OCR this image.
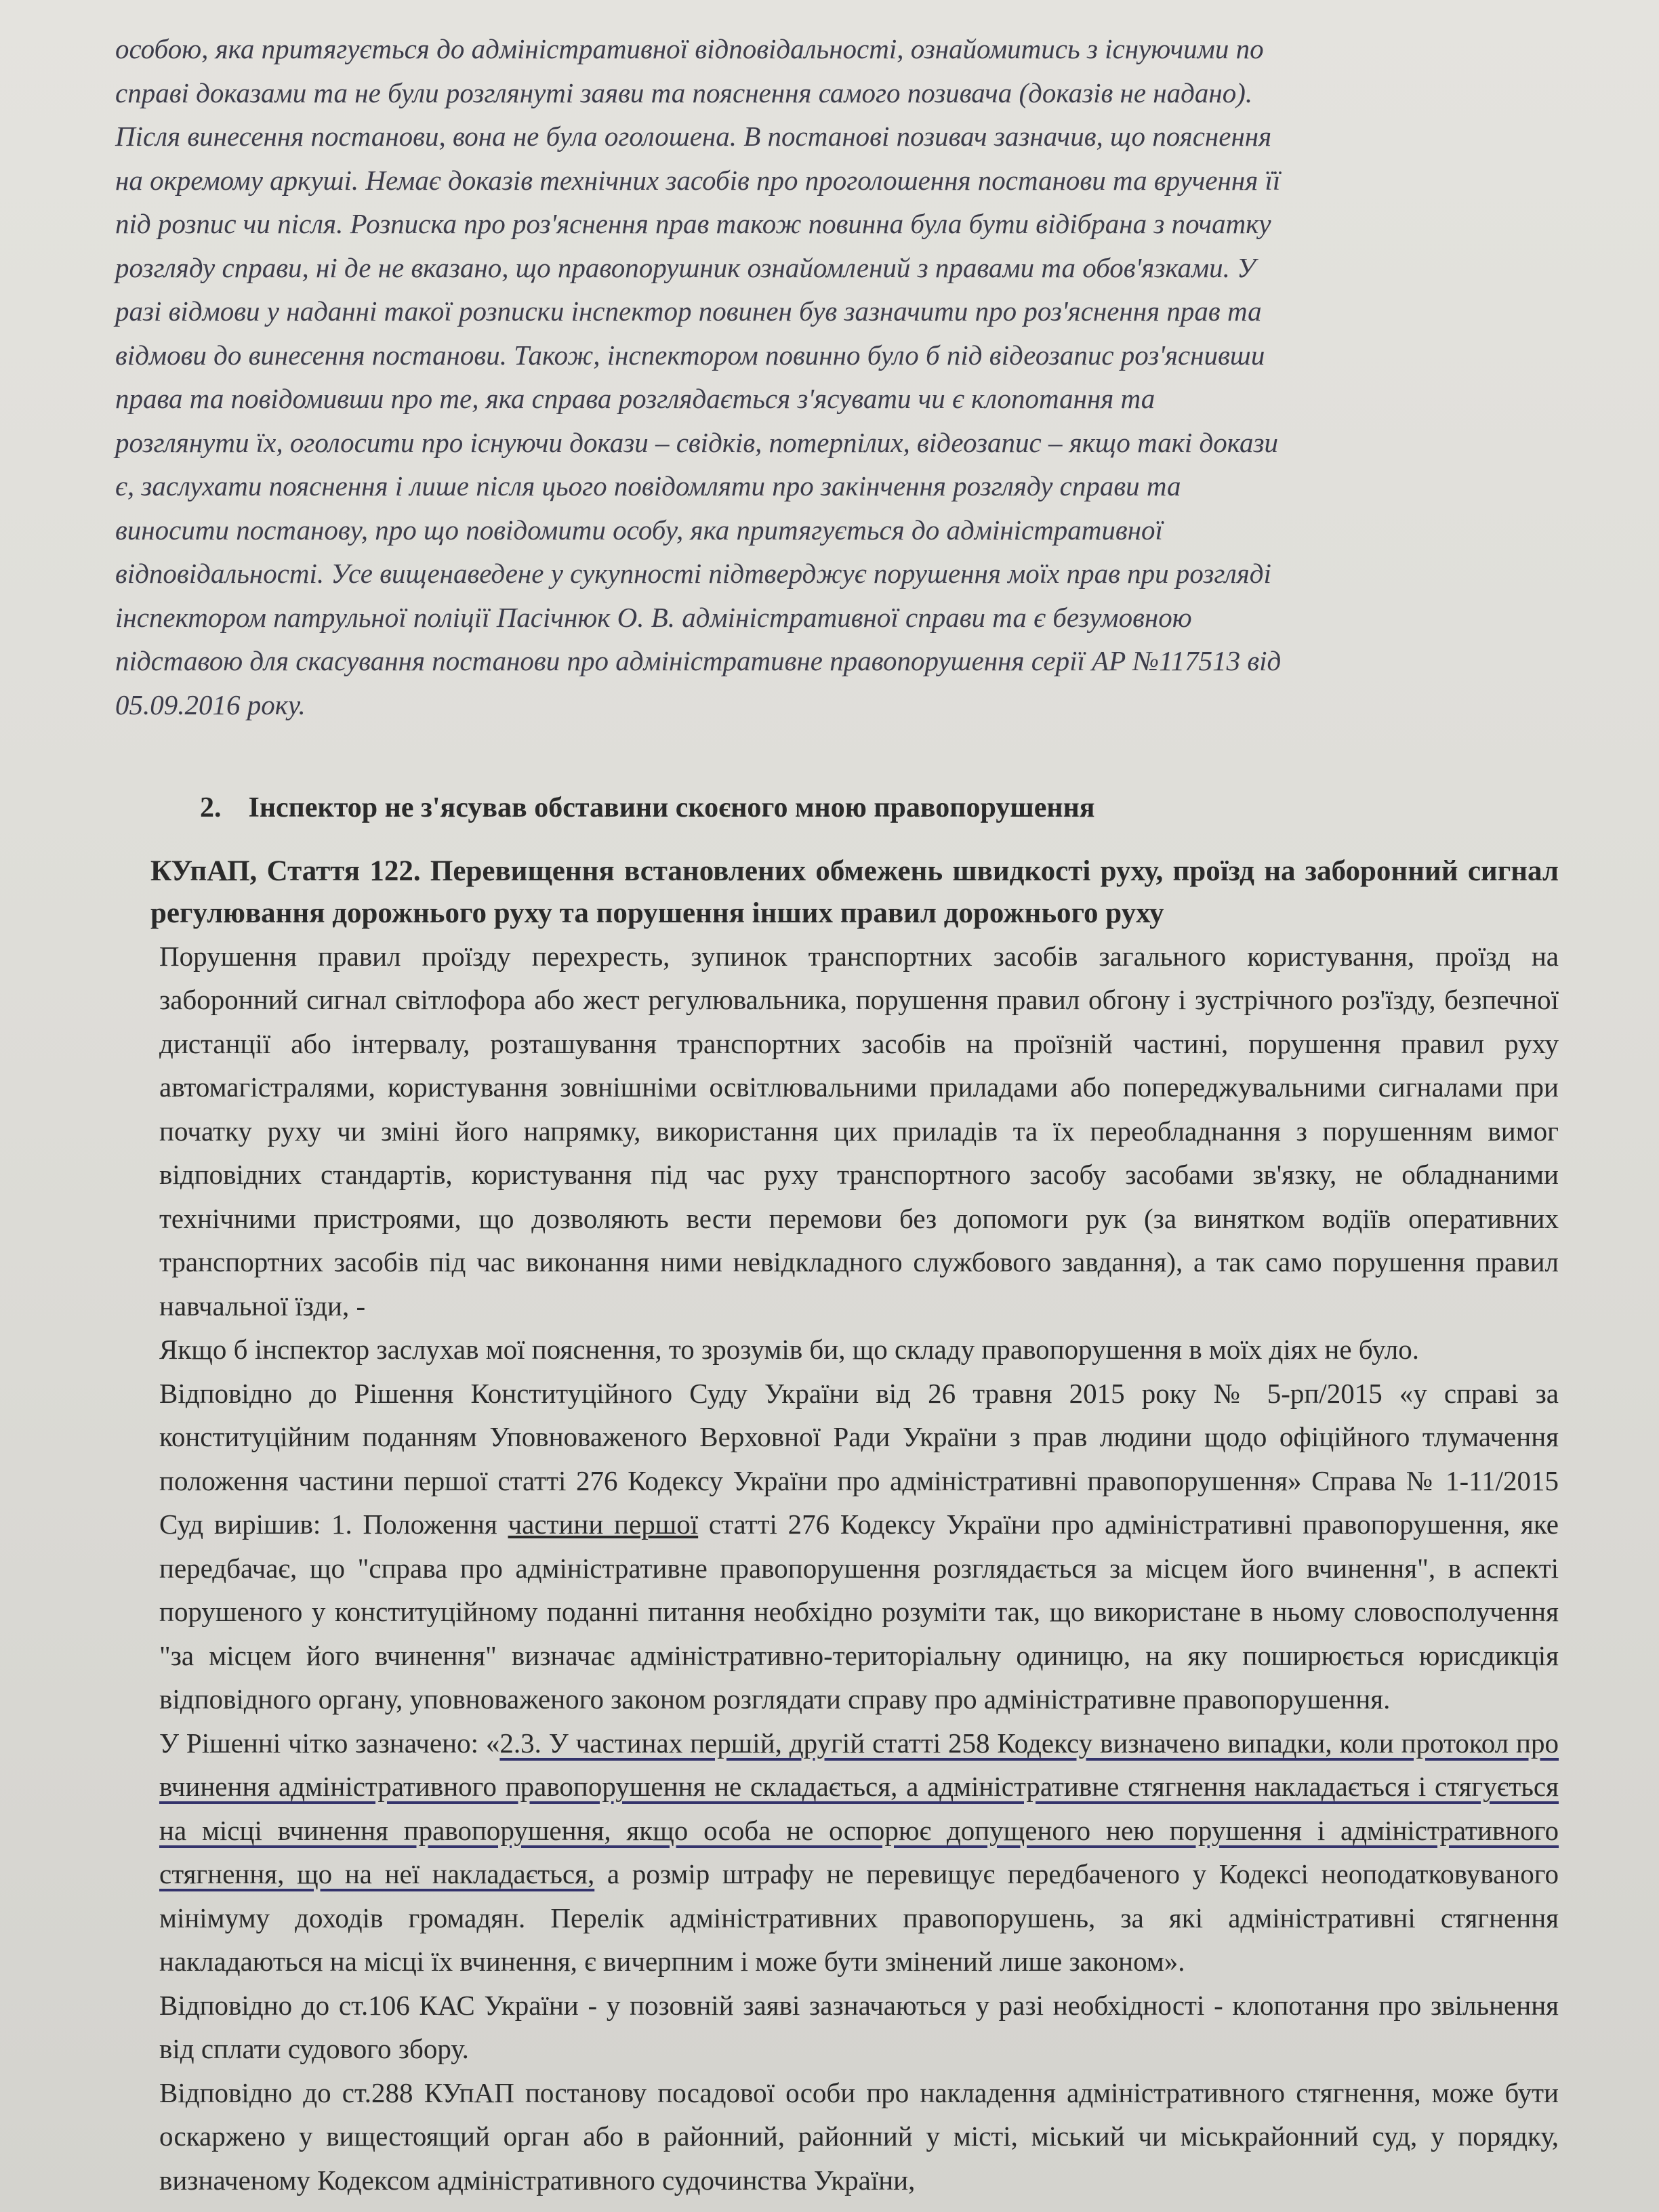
особою, яка притягується до адміністративної відповідальності, ознайомитись з існуючими по

справі доказами та не були розглянуті заяви та пояснення самого позивача (доказів не надано).

Після винесення постанови, вона не була оголошена. В постанові позивач зазначив, що пояснення

на окремому аркуші. Немає доказів технічних засобів про проголошення постанови та вручення її

під розпис чи після. Розписка про роз'яснення прав також повинна була бути відібрана з початку

розгляду справи, ні де не вказано, що правопорушник ознайомлений з правами та обов'язками. У

разі відмови у наданні такої розписки інспектор повинен був зазначити про роз'яснення прав та

відмови до винесення постанови. Також, інспектором повинно було б під відеозапис роз'яснивши

права та повідомивши про те, яка справа розглядається з'ясувати чи є клопотання та

розглянути їх, оголосити про існуючи докази – свідків, потерпілих, відеозапис – якщо такі докази

є, заслухати пояснення і лише після цього повідомляти про закінчення розгляду справи та

виносити постанову, про що повідомити особу, яка притягується до адміністративної

відповідальності. Усе вищенаведене у сукупності підтверджує порушення моїх прав при розгляді

інспектором патрульної поліції Пасічнюк О. В. адміністративної справи та є безумовною

підставою для скасування постанови про адміністративне правопорушення серії АР №117513 від

05.09.2016 року.

2. Інспектор не з'ясував обставини скоєного мною правопорушення

КУпАП, Стаття 122. Перевищення встановлених обмежень швидкості руху, проїзд на заборонний сигнал регулювання дорожнього руху та порушення інших правил дорожнього руху

Порушення правил проїзду перехресть, зупинок транспортних засобів загального користування, проїзд на заборонний сигнал світлофора або жест регулювальника, порушення правил обгону і зустрічного роз'їзду, безпечної дистанції або інтервалу, розташування транспортних засобів на проїзній частині, порушення правил руху автомагістралями, користування зовнішніми освітлювальними приладами або попереджувальними сигналами при початку руху чи зміні його напрямку, використання цих приладів та їх переобладнання з порушенням вимог відповідних стандартів, користування під час руху транспортного засобу засобами зв'язку, не обладнаними технічними пристроями, що дозволяють вести перемови без допомоги рук (за винятком водіїв оперативних транспортних засобів під час виконання ними невідкладного службового завдання), а так само порушення правил навчальної їзди, -

Якщо б інспектор заслухав мої пояснення, то зрозумів би, що складу правопорушення в моїх діях не було.

Відповідно до Рішення Конституційного Суду України від 26 травня 2015 року № 5-рп/2015 «у справі за конституційним поданням Уповноваженого Верховної Ради України з прав людини щодо офіційного тлумачення положення частини першої статті 276 Кодексу України про адміністративні правопорушення» Справа № 1-11/2015 Суд вирішив: 1. Положення частини першої статті 276 Кодексу України про адміністративні правопорушення, яке передбачає, що "справа про адміністративне правопорушення розглядається за місцем його вчинення", в аспекті порушеного у конституційному поданні питання необхідно розуміти так, що використане в ньому словосполучення "за місцем його вчинення" визначає адміністративно-територіальну одиницю, на яку поширюється юрисдикція відповідного органу, уповноваженого законом розглядати справу про адміністративне правопорушення.

У Рішенні чітко зазначено: «2.3. У частинах першій, другій статті 258 Кодексу визначено випадки, коли протокол про вчинення адміністративного правопорушення не складається, а адміністративне стягнення накладається і стягується на місці вчинення правопорушення, якщо особа не оспорює допущеного нею порушення і адміністративного стягнення, що на неї накладається, а розмір штрафу не перевищує передбаченого у Кодексі неоподатковуваного мінімуму доходів громадян. Перелік адміністративних правопорушень, за які адміністративні стягнення накладаються на місці їх вчинення, є вичерпним і може бути змінений лише законом».

Відповідно до ст.106 КАС України - у позовній заяві зазначаються у разі необхідності - клопотання про звільнення від сплати судового збору.

Відповідно до ст.288 КУпАП постанову посадової особи про накладення адміністративного стягнення, може бути оскаржено у вищестоящий орган або в районний, районний у місті, міський чи міськрайонний суд, у порядку, визначеному Кодексом адміністративного судочинства України,
